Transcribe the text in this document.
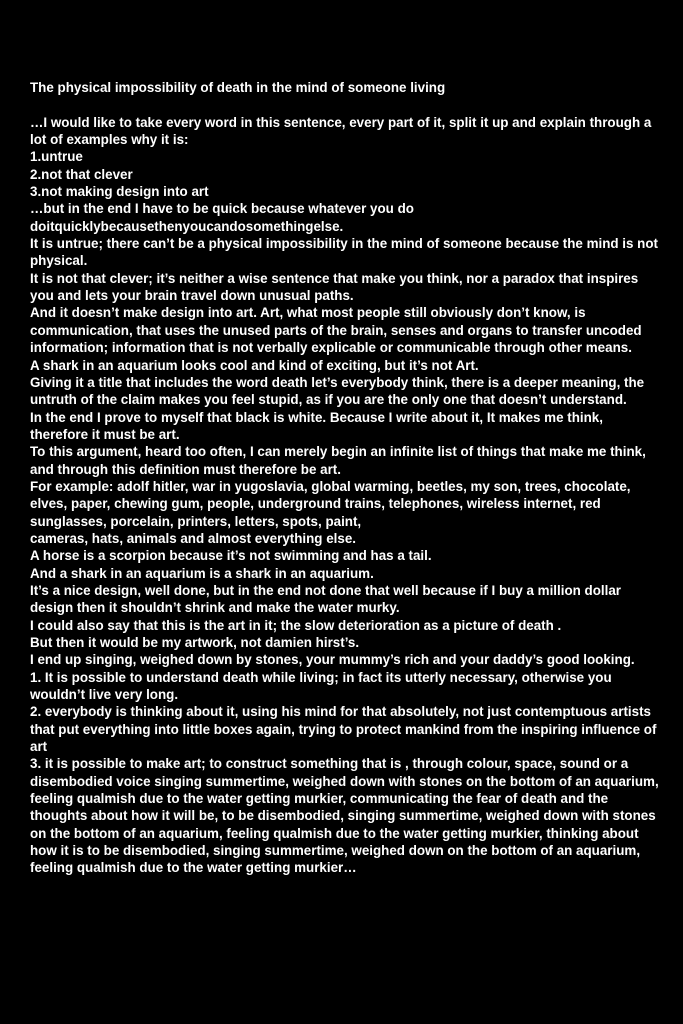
The physical impossibility of death in the mind of someone living

…I would like to take every word in this sentence, every part of it, split it up and explain through a lot of examples why it is:

1.untrue

2.not that clever

3.not making design into art

…but in the end I have to be quick because whatever you do doitquicklybecausethenyoucandosomethingelse.

It is untrue; there can’t be a physical impossibility in the mind of someone because the mind is not physical.

It is not that clever; it’s neither a wise sentence that make you think, nor a paradox that inspires you and lets your brain travel down unusual paths.

And it doesn’t make design into art. Art, what most people still obviously don’t know, is communication, that uses the unused parts of the brain, senses and organs to transfer uncoded information; information that is not verbally explicable or communicable through other means.

A shark in an aquarium looks cool and kind of exciting, but it’s not Art.

Giving it a title that includes the word death let’s everybody think, there is a deeper meaning, the untruth of the claim makes you feel stupid, as if you are the only one that doesn’t understand.

In the end I prove to myself that black is white. Because I write about it, It makes me think, therefore it must be art.

To this argument, heard too often, I can merely begin an infinite list of things that make me think, and through this definition must therefore be art.

For example: adolf hitler, war in yugoslavia, global warming, beetles, my son, trees, chocolate, elves, paper, chewing gum, people, underground trains, telephones, wireless internet, red sunglasses, porcelain, printers, letters, spots, paint,

cameras, hats, animals and almost everything else.

A horse is a scorpion because it’s not swimming and has a tail.

And a shark in an aquarium is a shark in an aquarium.

It’s a nice design, well done, but in the end not done that well because if I buy a million dollar design then it shouldn’t shrink and make the water murky.

I could also say that this is the art in it; the slow deterioration as a picture of death .

But then it would be my artwork, not damien hirst’s.

I end up singing, weighed down by stones, your mummy’s rich and your daddy’s good looking.

1. It is possible to understand death while living; in fact its utterly necessary, otherwise you wouldn’t live very long.

2. everybody is thinking about it, using his mind for that absolutely, not just contemptuous artists that put everything into little boxes again, trying to protect mankind from the inspiring influence of art

3. it is possible to make art; to construct something that is , through colour, space, sound or a disembodied voice singing summertime, weighed down with stones on the bottom of an aquarium, feeling qualmish due to the water getting murkier, communicating the fear of death and the thoughts about how it will be, to be disembodied, singing summertime, weighed down with stones on the bottom of an aquarium, feeling qualmish due to the water getting murkier, thinking about how it is to be disembodied, singing summertime, weighed down on the bottom of an aquarium, feeling qualmish due to the water getting murkier…
